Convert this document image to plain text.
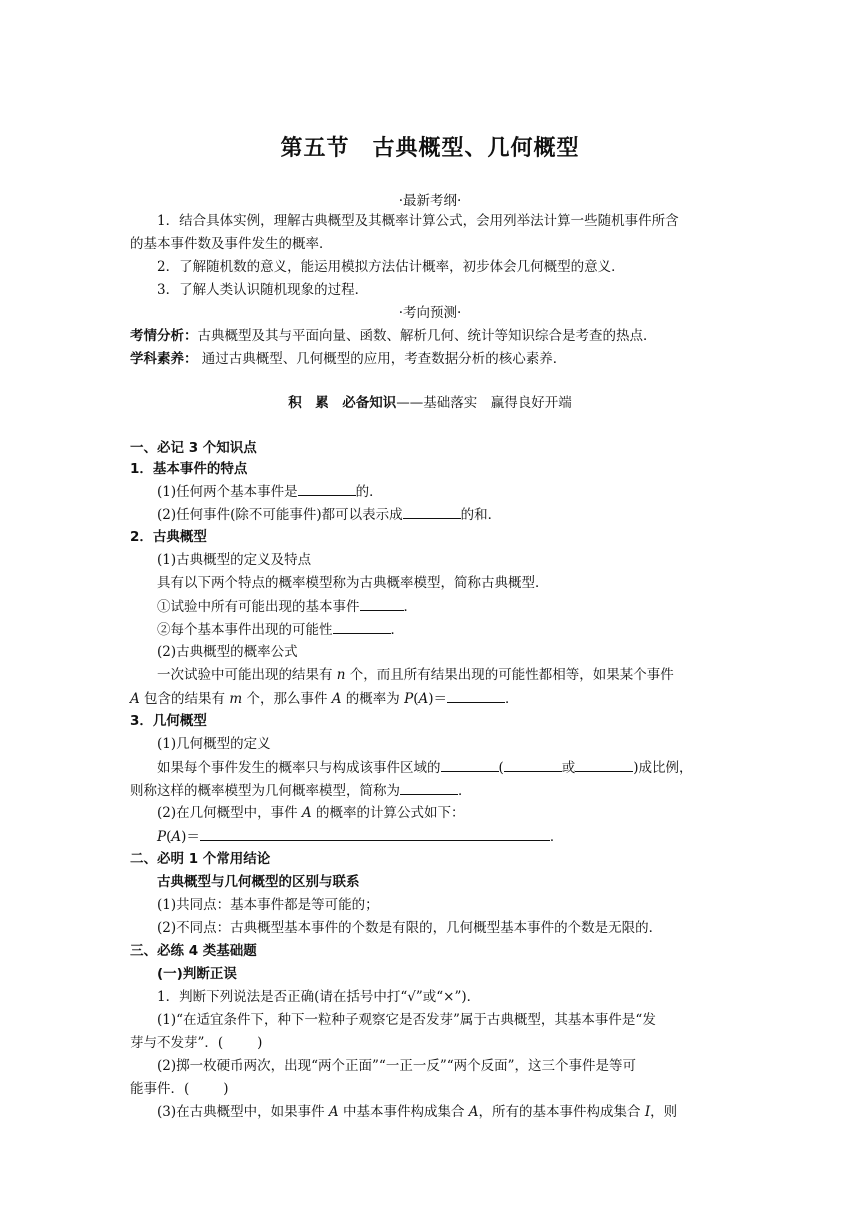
第五节　古典概型、几何概型
·最新考纲·
1．结合具体实例，理解古典概型及其概率计算公式，会用列举法计算一些随机事件所含
的基本事件数及事件发生的概率．
2．了解随机数的意义，能运用模拟方法估计概率，初步体会几何概型的意义．
3．了解人类认识随机现象的过程．
·考向预测·
考情分析：古典概型及其与平面向量、函数、解析几何、统计等知识综合是考查的热点．
学科素养： 通过古典概型、几何概型的应用，考查数据分析的核心素养．
积　累　必备知识——基础落实　赢得良好开端
一、必记 3 个知识点
1．基本事件的特点
(1)任何两个基本事件是	的．
(2)任何事件(除不可能事件)都可以表示成	的和．
2．古典概型
(1)古典概型的定义及特点
具有以下两个特点的概率模型称为古典概率模型，简称古典概型．
①试验中所有可能出现的基本事件	．
②每个基本事件出现的可能性	．
(2)古典概型的概率公式
一次试验中可能出现的结果有 n 个，而且所有结果出现的可能性都相等，如果某个事件
A 包含的结果有 m 个，那么事件 A 的概率为 P(A)＝	．
3．几何概型
(1)几何概型的定义
如果每个事件发生的概率只与构成该事件区域的	(	或	)成比例，
则称这样的概率模型为几何概率模型，简称为	．
(2)在几何概型中，事件 A 的概率的计算公式如下：
P(A)＝	．
二、必明 1 个常用结论
古典概型与几何概型的区别与联系
(1)共同点：基本事件都是等可能的；
(2)不同点：古典概型基本事件的个数是有限的，几何概型基本事件的个数是无限的．
三、必练 4 类基础题
(一)判断正误
1．判断下列说法是否正确(请在括号中打“√”或“×”)．
(1)“在适宜条件下，种下一粒种子观察它是否发芽”属于古典概型，其基本事件是“发
芽与不发芽”．(	)
(2)掷一枚硬币两次，出现“两个正面”“一正一反”“两个反面”，这三个事件是等可
能事件．(	)
(3)在古典概型中，如果事件 A 中基本事件构成集合 A，所有的基本事件构成集合 I，则
